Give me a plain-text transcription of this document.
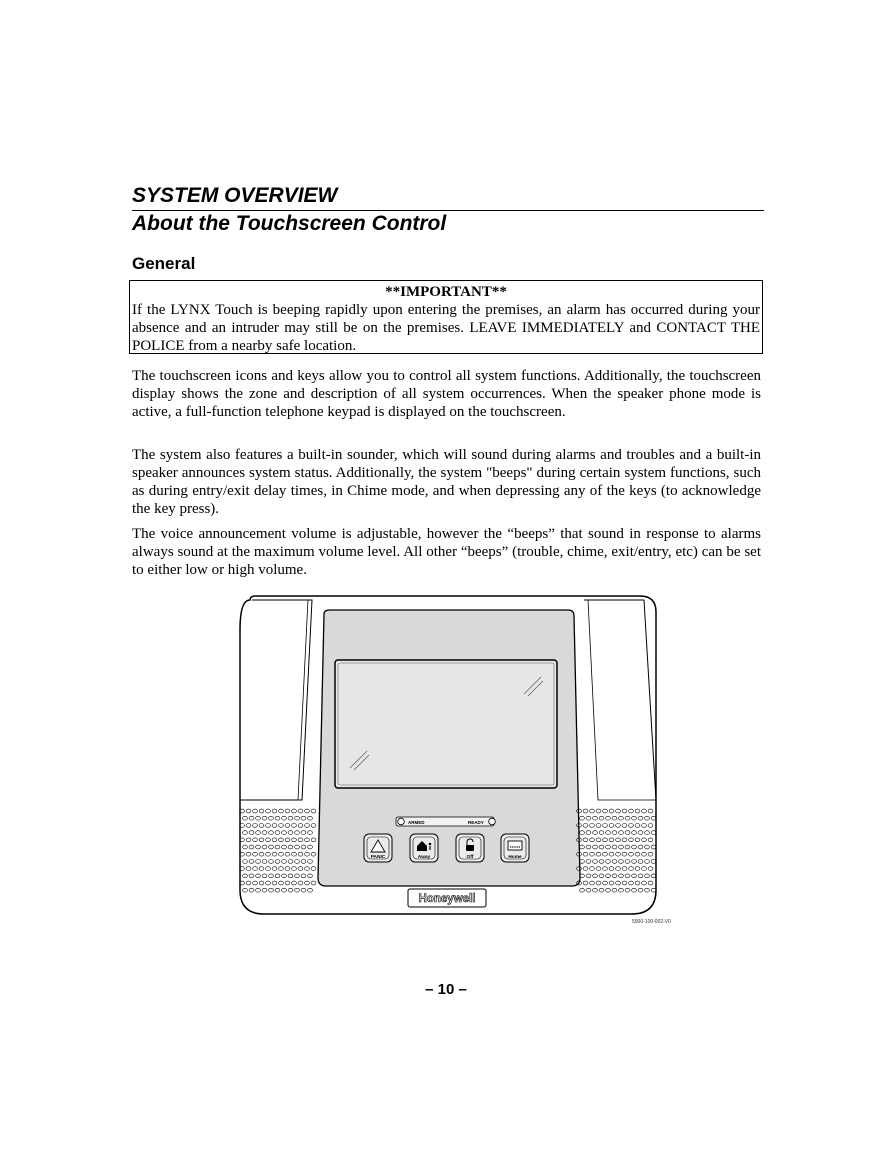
SYSTEM OVERVIEW
About the Touchscreen Control
General
**IMPORTANT**
If the LYNX Touch is beeping rapidly upon entering the premises, an alarm has occurred during your absence and an intruder may still be on the premises. LEAVE IMMEDIATELY and CONTACT THE POLICE from a nearby safe location.

The touchscreen icons and keys allow you to control all system functions. Additionally, the touchscreen display shows the zone and description of all system occurrences. When the speaker phone mode is active, a full-function telephone keypad is displayed on the touchscreen.

The system also features a built-in sounder, which will sound during alarms and troubles and a built-in speaker announces system status. Additionally, the system "beeps" during certain system functions, such as during entry/exit delay times, in Chime mode, and when depressing any of the keys (to acknowledge the key press).

The voice announcement volume is adjustable, however the “beeps” that sound in response to alarms always sound at the maximum volume level. All other “beeps” (trouble, chime, exit/entry, etc) can be set to either low or high volume.

ARMED	READY
PANIC	Away	Off	Home
Honeywell
5000-100-002-V0
– 10 –
